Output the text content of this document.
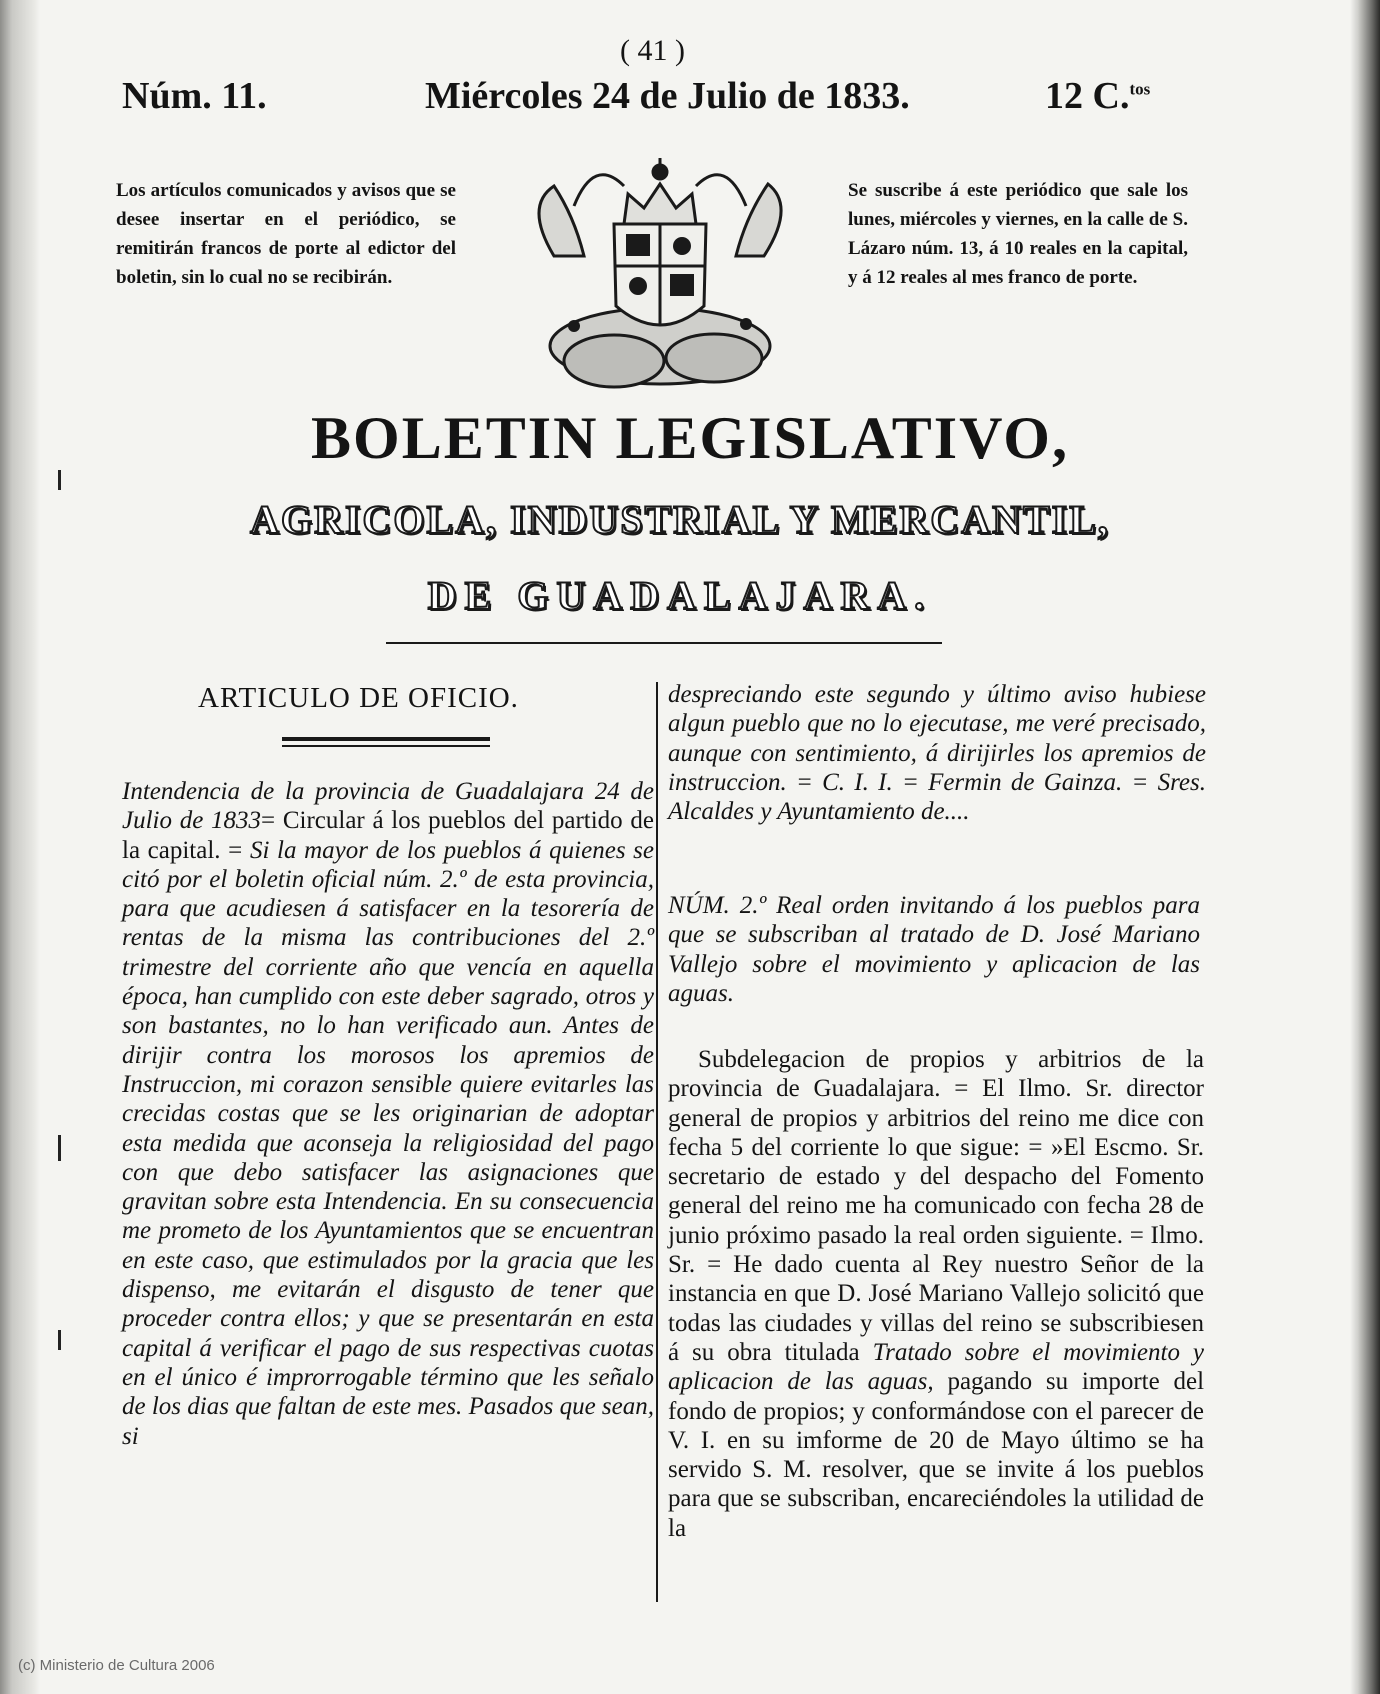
( 41 )
Núm. 11.	Miércoles 24 de Julio de 1833.	12 C.$^{tos}$
Los artículos comunicados y avisos que se desee insertar en el periódico, se remitirán francos de porte al edictor del boletin, sin lo cual no se recibirán.
Se suscribe á este periódico que sale los lunes, miércoles y viernes, en la calle de S. Lázaro núm. 13, á 10 reales en la capital, y á 12 reales al mes franco de porte.
BOLETIN LEGISLATIVO,
AGRICOLA, INDUSTRIAL Y MERCANTIL,
DE GUADALAJARA.
ARTICULO DE OFICIO.

Intendencia de la provincia de Guadalajara 24 de Julio de 1833= Circular á los pueblos del partido de la capital. = Si la mayor de los pueblos á quienes se citó por el boletin oficial núm. 2.º de esta provincia, para que acudiesen á satisfacer en la tesorería de rentas de la misma las contribuciones del 2.º trimestre del corriente año que vencía en aquella época, han cumplido con este deber sagrado, otros y son bastantes, no lo han verificado aun. Antes de dirijir contra los morosos los apremios de Instruccion, mi corazon sensible quiere evitarles las crecidas costas que se les originarian de adoptar esta medida que aconseja la religiosidad del pago con que debo satisfacer las asignaciones que gravitan sobre esta Intendencia. En su consecuencia me prometo de los Ayuntamientos que se encuentran en este caso, que estimulados por la gracia que les dispenso, me evitarán el disgusto de tener que proceder contra ellos; y que se presentarán en esta capital á verificar el pago de sus respectivas cuotas en el único é improrrogable término que les señalo de los dias que faltan de este mes. Pasados que sean, si

despreciando este segundo y último aviso hubiese algun pueblo que no lo ejecutase, me veré precisado, aunque con sentimiento, á dirijirles los apremios de instruccion. = C. I. I. = Fermin de Gainza. = Sres. Alcaldes y Ayuntamiento de....
NÚM. 2.º Real orden invitando á los pueblos para que se subscriban al tratado de D. José Mariano Vallejo sobre el movimiento y aplicacion de las aguas.

Subdelegacion de propios y arbitrios de la provincia de Guadalajara. = El Ilmo. Sr. director general de propios y arbitrios del reino me dice con fecha 5 del corriente lo que sigue: = »El Escmo. Sr. secretario de estado y del despacho del Fomento general del reino me ha comunicado con fecha 28 de junio próximo pasado la real orden siguiente. = Ilmo. Sr. = He dado cuenta al Rey nuestro Señor de la instancia en que D. José Mariano Vallejo solicitó que todas las ciudades y villas del reino se subscribiesen á su obra titulada Tratado sobre el movimiento y aplicacion de las aguas, pagando su importe del fondo de propios; y conformándose con el parecer de V. I. en su imforme de 20 de Mayo último se ha servido S. M. resolver, que se invite á los pueblos para que se subscriban, encareciéndoles la utilidad de la

(c) Ministerio de Cultura 2006
